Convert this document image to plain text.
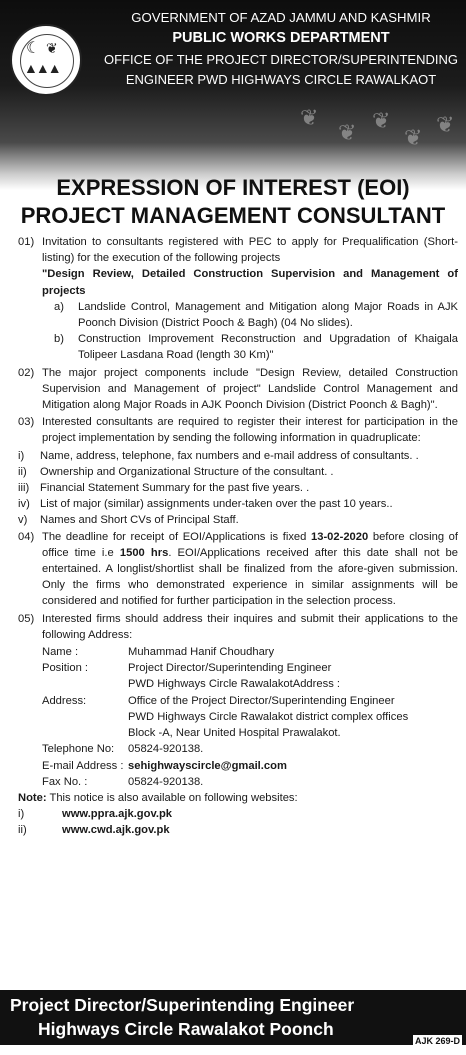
☾ ❦
▲▲▲
GOVERNMENT OF AZAD JAMMU AND KASHMIR
PUBLIC WORKS DEPARTMENT
OFFICE OF THE PROJECT DIRECTOR/SUPERINTENDING
ENGINEER PWD HIGHWAYS CIRCLE RAWALKAOT
❦
❦ ❦
❦
❦
EXPRESSION OF INTEREST (EOI)
PROJECT MANAGEMENT CONSULTANT
01) Invitation to consultants registered with PEC to apply for Prequalification (Short-listing) for the execution of the following projects
"Design Review, Detailed Construction Supervision and Management of projects
a)	Landslide Control, Management and Mitigation along Major Roads in AJK Poonch Division (District Pooch & Bagh) (04 No slides).
b)	Construction Improvement Reconstruction and Upgradation of Khaigala Tolipeer Lasdana Road (length 30 Km)"
02) The major project components include "Design Review, detailed Construction Supervision and Management of project" Landslide Control Management and Mitigation along Major Roads in AJK Poonch Division (District Poonch & Bagh)".
03) Interested consultants are required to register their interest for participation in the project implementation by sending the following information in quadruplicate:
i)	Name, address, telephone, fax numbers and e-mail address of consultants. .
ii)	Ownership and Organizational Structure of the consultant. .
iii) Financial Statement Summary for the past five years. .
iv) List of major (similar) assignments under-taken over the past 10 years..
v)	Names and Short CVs of Principal Staff.
04) The deadline for receipt of EOI/Applications is fixed 13-02-2020 before closing of office time i.e 1500 hrs. EOI/Applications received after this date shall not be entertained. A longlist/shortlist shall be finalized from the afore-given submission. Only the firms who demonstrated experience in similar assignments will be considered and notified for further participation in the selection process.
05) Interested firms should address their inquires and submit their applications to the following Address:
Name :	Muhammad Hanif Choudhary
Position :	Project Director/Superintending Engineer
PWD Highways Circle RawalakotAddress :
Address:	Office of the Project Director/Superintending Engineer
PWD Highways Circle Rawalakot district complex offices
Block -A, Near United Hospital Prawalakot.
Telephone No:	05824-920138.
E-mail Address : sehighwayscircle@gmail.com
Fax No. :	05824-920138.
Note: This notice is also available on following websites:
i)	www.ppra.ajk.gov.pk
ii)	www.cwd.ajk.gov.pk
Project Director/Superintending Engineer
Highways Circle Rawalakot Poonch
AJK 269-D
